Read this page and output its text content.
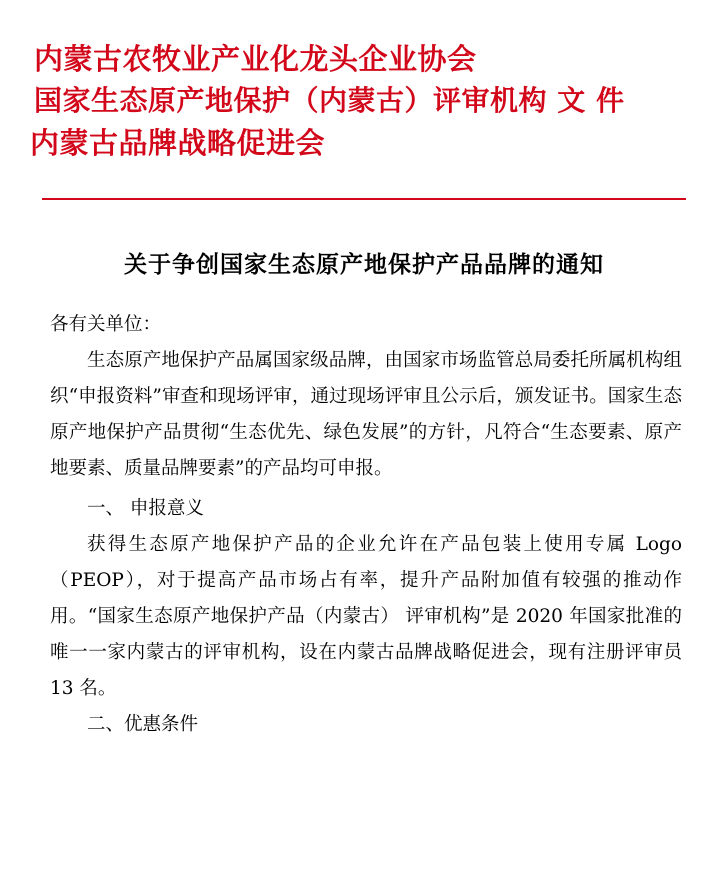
内蒙古农牧业产业化龙头企业协会
国家生态原产地保护（内蒙古）评审机构 文 件
内蒙古品牌战略促进会
关于争创国家生态原产地保护产品品牌的通知

各有关单位：

生态原产地保护产品属国家级品牌，由国家市场监管总局委托所属机构组织“申报资料”审查和现场评审，通过现场评审且公示后，颁发证书。国家生态原产地保护产品贯彻“生态优先、绿色发展”的方针，凡符合“生态要素、原产地要素、质量品牌要素”的产品均可申报。

一、 申报意义

获得生态原产地保护产品的企业允许在产品包装上使用专属 Logo（PEOP），对于提高产品市场占有率，提升产品附加值有较强的推动作用。“国家生态原产地保护产品（内蒙古） 评审机构”是 2020 年国家批准的唯一一家内蒙古的评审机构，设在内蒙古品牌战略促进会，现有注册评审员 13 名。

二、优惠条件
